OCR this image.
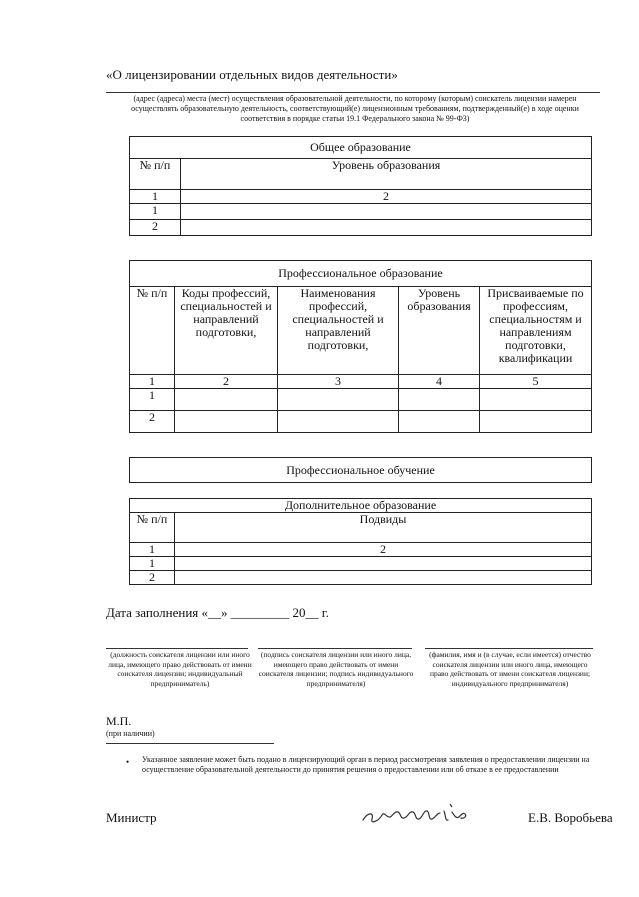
«О лицензировании отдельных видов деятельности»
(адрес (адреса) места (мест) осуществления образовательной деятельности, по которому (которым) соискатель лицензии намерен осуществлять образовательную деятельность, соответствующий(е) лицензионным требованиям, подтвержденный(е) в ходе оценки соответствия в порядке статьи 19.1 Федерального закона № 99-ФЗ)
Общее образование	
№ п/п	Уровень образования
1	2
1	
2	
Профессиональное образование				
№ п/п	Коды профессий, специальностей и направлений подготовки,	Наименования профессий, специальностей и направлений подготовки,	Уровень образования	Присваиваемые по профессиям, специальностям и направлениям подготовки, квалификации
1	2	3	4	5
1				
2				
Профессиональное обучение
Дополнительное образование	
№ п/п	Подвиды
1	2
1	
2	
Дата заполнения «__» _________ 20__ г.
(должность соискателя лицензии или иного лица, имеющего право действовать от имени соискателя лицензии; индивидуальный предприниматель)
(подпись соискателя лицензии или иного лица, имеющего право действовать от имени соискателя лицензии; подпись индивидуального предпринимателя)
(фамилия, имя и (в случае, если имеется) отчество соискателя лицензии или иного лица, имеющего право действовать от имени соискателя лицензии; индивидуального предпринимателя)
М.П.
(при наличии)
• Указанное заявление может быть подано в лицензирующий орган в период рассмотрения заявления о предоставлении лицензии на осуществление образовательной деятельности до принятия решения о предоставлении или об отказе в ее предоставлении
Министр	Е.В. Воробьева
